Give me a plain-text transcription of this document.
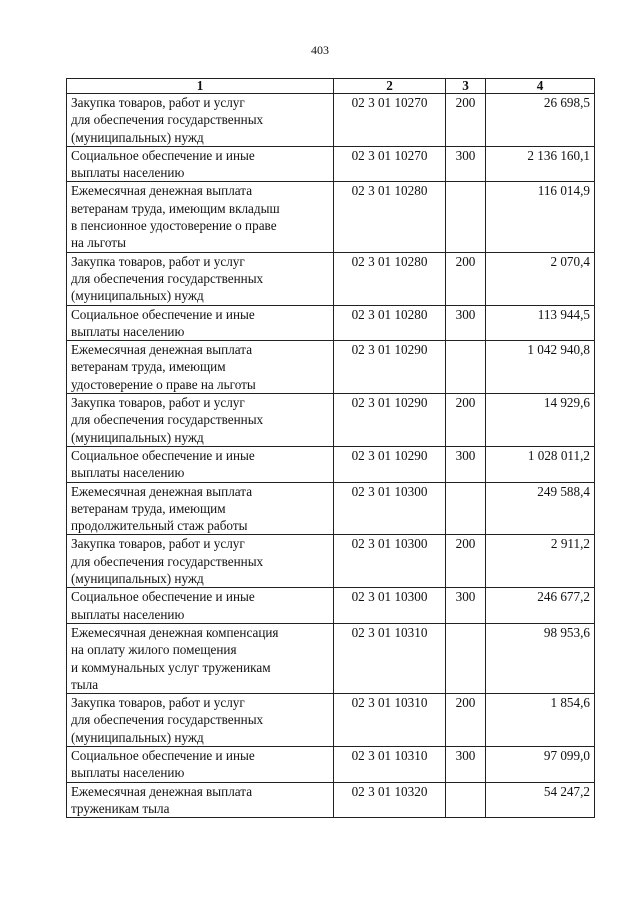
403
1	2	3	4
Закупка товаров, работ и услуг
для обеспечения государственных
(муниципальных) нужд	02 3 01 10270	200	26 698,5
Социальное обеспечение и иные
выплаты населению	02 3 01 10270	300	2 136 160,1
Ежемесячная денежная выплата
ветеранам труда, имеющим вкладыш
в пенсионное удостоверение о праве
на льготы	02 3 01 10280		116 014,9
Закупка товаров, работ и услуг
для обеспечения государственных
(муниципальных) нужд	02 3 01 10280	200	2 070,4
Социальное обеспечение и иные
выплаты населению	02 3 01 10280	300	113 944,5
Ежемесячная денежная выплата
ветеранам труда, имеющим
удостоверение о праве на льготы	02 3 01 10290		1 042 940,8
Закупка товаров, работ и услуг
для обеспечения государственных
(муниципальных) нужд	02 3 01 10290	200	14 929,6
Социальное обеспечение и иные
выплаты населению	02 3 01 10290	300	1 028 011,2
Ежемесячная денежная выплата
ветеранам труда, имеющим
продолжительный стаж работы	02 3 01 10300		249 588,4
Закупка товаров, работ и услуг
для обеспечения государственных
(муниципальных) нужд	02 3 01 10300	200	2 911,2
Социальное обеспечение и иные
выплаты населению	02 3 01 10300	300	246 677,2
Ежемесячная денежная компенсация
на оплату жилого помещения
и коммунальных услуг труженикам
тыла	02 3 01 10310		98 953,6
Закупка товаров, работ и услуг
для обеспечения государственных
(муниципальных) нужд	02 3 01 10310	200	1 854,6
Социальное обеспечение и иные
выплаты населению	02 3 01 10310	300	97 099,0
Ежемесячная денежная выплата
труженикам тыла	02 3 01 10320		54 247,2
